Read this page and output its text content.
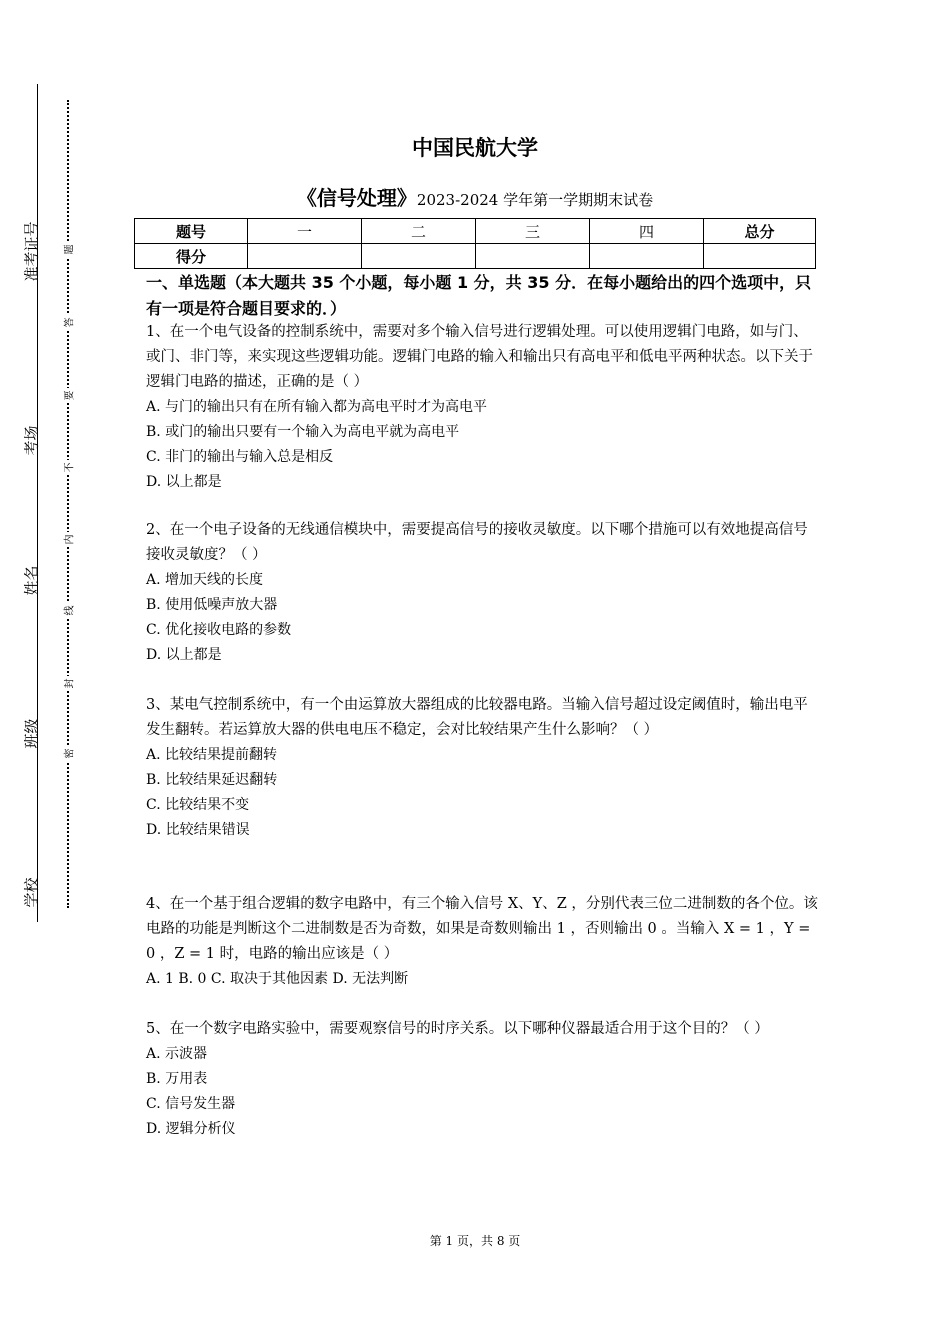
准考证号
考场
姓名
班级
学校
题
答
要
不
内
线
封
密
中国民航大学
《信号处理》2023-2024 学年第一学期期末试卷
题号	一	二	三	四	总分
得分					
一、单选题（本大题共 35 个小题，每小题 1 分，共 35 分．在每小题给出的四个选项中，只有一项是符合题目要求的．）

1、在一个电气设备的控制系统中，需要对多个输入信号进行逻辑处理。可以使用逻辑门电路，如与门、或门、非门等，来实现这些逻辑功能。逻辑门电路的输入和输出只有高电平和低电平两种状态。以下关于逻辑门电路的描述，正确的是（ ）

A. 与门的输出只有在所有输入都为高电平时才为高电平

B. 或门的输出只要有一个输入为高电平就为高电平

C. 非门的输出与输入总是相反

D. 以上都是

2、在一个电子设备的无线通信模块中，需要提高信号的接收灵敏度。以下哪个措施可以有效地提高信号接收灵敏度？（ ）

A. 增加天线的长度

B. 使用低噪声放大器

C. 优化接收电路的参数

D. 以上都是

3、某电气控制系统中，有一个由运算放大器组成的比较器电路。当输入信号超过设定阈值时，输出电平发生翻转。若运算放大器的供电电压不稳定，会对比较结果产生什么影响？（ ）

A. 比较结果提前翻转

B. 比较结果延迟翻转

C. 比较结果不变

D. 比较结果错误

4、在一个基于组合逻辑的数字电路中，有三个输入信号 X、Y、Z ，分别代表三位二进制数的各个位。该电路的功能是判断这个二进制数是否为奇数，如果是奇数则输出 1 ，否则输出 0 。当输入 X = 1 ，Y = 0 ，Z = 1 时，电路的输出应该是（ ）

A. 1 B. 0 C. 取决于其他因素 D. 无法判断

5、在一个数字电路实验中，需要观察信号的时序关系。以下哪种仪器最适合用于这个目的？（ ）

A. 示波器

B. 万用表

C. 信号发生器

D. 逻辑分析仪

第 1 页，共 8 页
